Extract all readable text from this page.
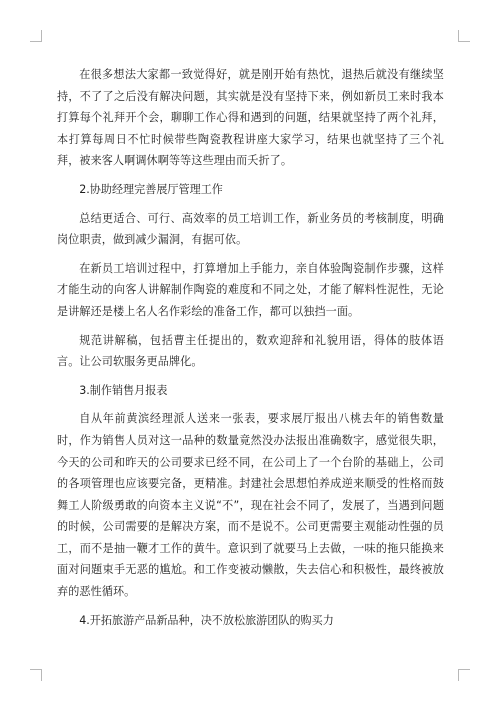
在很多想法大家都一致觉得好，就是刚开始有热忱，退热后就没有继续坚持，不了了之后没有解决问题，其实就是没有坚持下来，例如新员工来时我本打算每个礼拜开个会，聊聊工作心得和遇到的问题，结果就坚持了两个礼拜，本打算每周日不忙时候带些陶瓷教程讲座大家学习，结果也就坚持了三个礼拜，被来客人啊调休啊等等这些理由而夭折了。

2.协助经理完善展厅管理工作

总结更适合、可行、高效率的员工培训工作，新业务员的考核制度，明确岗位职责，做到减少漏洞，有据可依。

在新员工培训过程中，打算增加上手能力，亲自体验陶瓷制作步骤，这样才能生动的向客人讲解制作陶瓷的难度和不同之处，才能了解料性泥性，无论是讲解还是楼上名人名作彩绘的准备工作，都可以独挡一面。

规范讲解稿，包括曹主任提出的，数欢迎辞和礼貌用语，得体的肢体语言。让公司软服务更品牌化。

3.制作销售月报表

自从年前黄滨经理派人送来一张表，要求展厅报出八桃去年的销售数量时，作为销售人员对这一品种的数量竟然没办法报出准确数字，感觉很失职，今天的公司和昨天的公司要求已经不同，在公司上了一个台阶的基础上，公司的各项管理也应该要完备，更精准。封建社会思想怕养成逆来顺受的性格而鼓舞工人阶级勇敢的向资本主义说“不”，现在社会不同了，发展了，当遇到问题的时候，公司需要的是解决方案，而不是说不。公司更需要主观能动性强的员工，而不是抽一鞭才工作的黄牛。意识到了就要马上去做，一味的拖只能换来面对问题束手无恶的尴尬。和工作变被动懒散，失去信心和积极性，最终被放弃的恶性循环。

4.开拓旅游产品新品种，决不放松旅游团队的购买力
